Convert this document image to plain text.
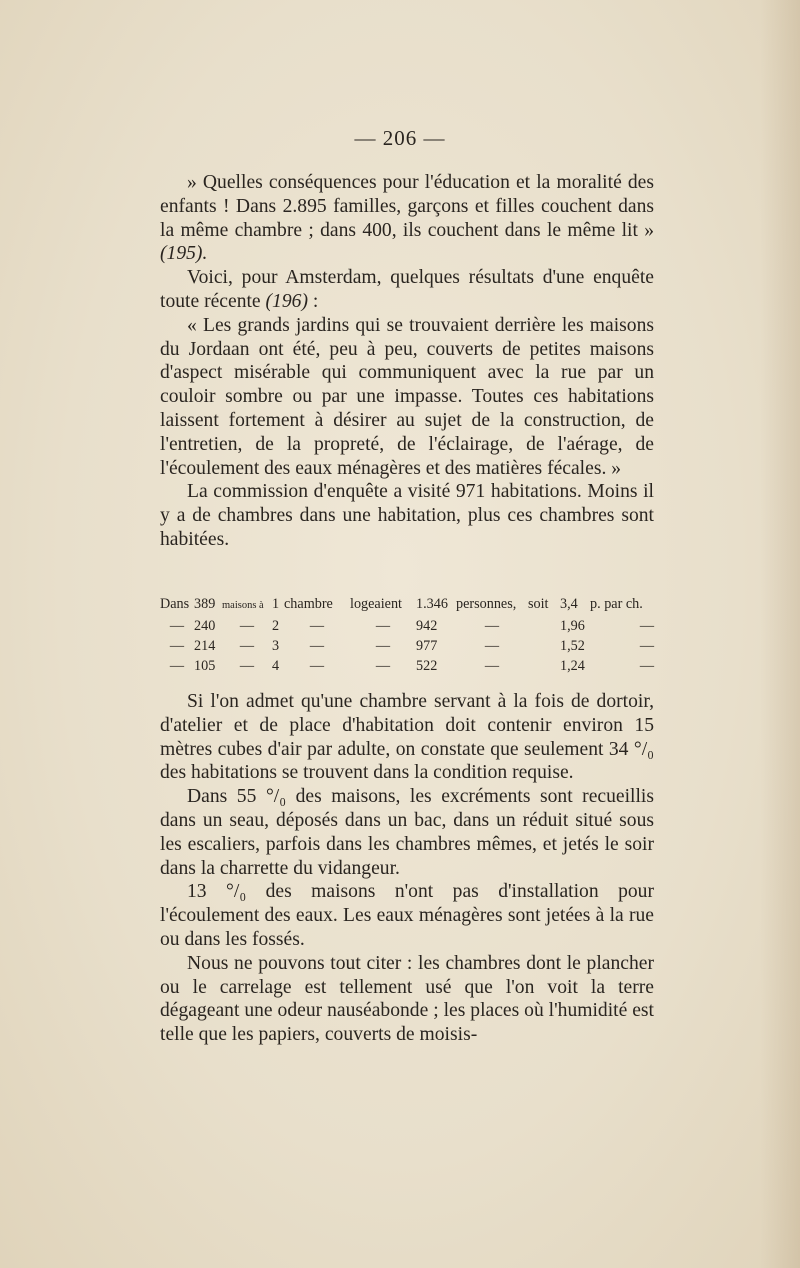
— 206 —

» Quelles conséquences pour l'éducation et la moralité des enfants ! Dans 2.895 familles, garçons et filles couchent dans la même chambre ; dans 400, ils couchent dans le même lit » (195).

Voici, pour Amsterdam, quelques résultats d'une enquête toute récente (196) :

« Les grands jardins qui se trouvaient derrière les maisons du Jordaan ont été, peu à peu, couverts de petites maisons d'aspect misérable qui communiquent avec la rue par un couloir sombre ou par une impasse. Toutes ces habitations laissent fortement à désirer au sujet de la construction, de l'entretien, de la propreté, de l'éclairage, de l'aérage, de l'écoulement des eaux ménagères et des matières fécales. »

La commission d'enquête a visité 971 habitations. Moins il y a de chambres dans une habitation, plus ces chambres sont habitées.

Dans	389	maisons à	1	chambre	logeaient	1.346	personnes,	soit	3,4	p. par ch.
—	240	—	2	—	—	942	—		1,96	—
—	214	—	3	—	—	977	—		1,52	—
—	105	—	4	—	—	522	—		1,24	—

Si l'on admet qu'une chambre servant à la fois de dortoir, d'atelier et de place d'habitation doit contenir environ 15 mètres cubes d'air par adulte, on constate que seulement 34 °/₀ des habitations se trouvent dans la condition requise.

Dans 55 °/₀ des maisons, les excréments sont recueillis dans un seau, déposés dans un bac, dans un réduit situé sous les escaliers, parfois dans les chambres mêmes, et jetés le soir dans la charrette du vidangeur.

13 °/₀ des maisons n'ont pas d'installation pour l'écoulement des eaux. Les eaux ménagères sont jetées à la rue ou dans les fossés.

Nous ne pouvons tout citer : les chambres dont le plancher ou le carrelage est tellement usé que l'on voit la terre dégageant une odeur nauséabonde ; les places où l'humidité est telle que les papiers, couverts de moisis-
